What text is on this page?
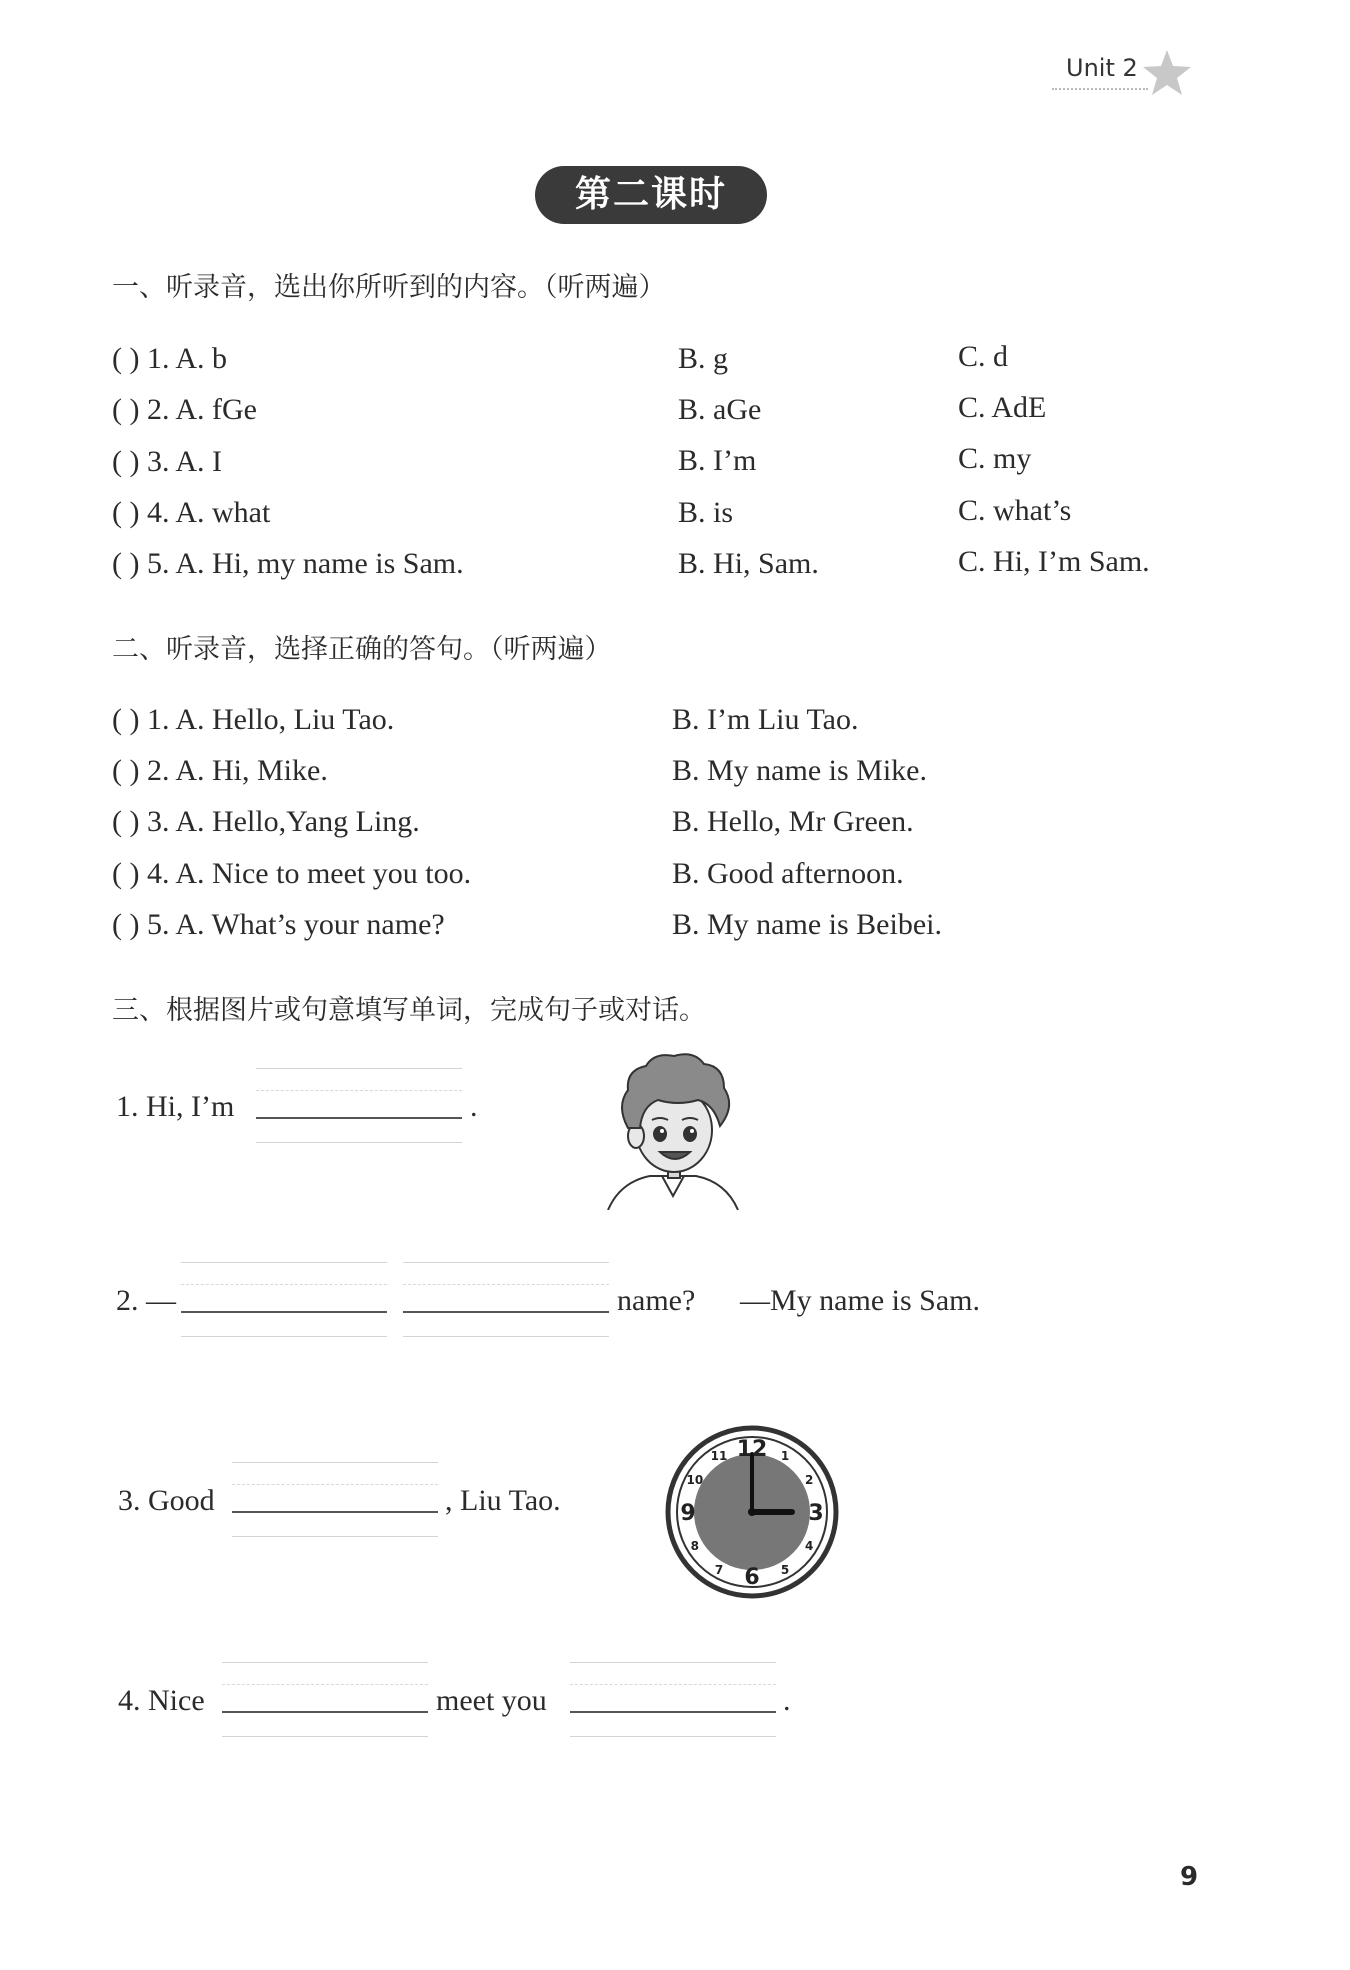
Unit 2
第二课时
一、听录音，选出你所听到的内容。（听两遍）
( ) 1. A. b	B. g	C. d
( ) 2. A. fGe	B. aGe	C. AdE
( ) 3. A. I	B. I’m	C. my
( ) 4. A. what	B. is	C. what’s
( ) 5. A. Hi, my name is Sam.	B. Hi, Sam.	C. Hi, I’m Sam.
二、听录音，选择正确的答句。（听两遍）
( ) 1. A. Hello, Liu Tao.	B. I’m Liu Tao.
( ) 2. A. Hi, Mike.	B. My name is Mike.
( ) 3. A. Hello,Yang Ling.	B. Hello, Mr Green.
( ) 4. A. Nice to meet you too.	B. Good afternoon.
( ) 5. A. What’s your name?	B. My name is Beibei.
三、根据图片或句意填写单词，完成句子或对话。
1. Hi, I’m	.
2. —	name? —My name is Sam.
3. Good	, Liu Tao.
12 1
2
3
4
5
6
7
8
9
10
11
4. Nice	meet you	.
9
